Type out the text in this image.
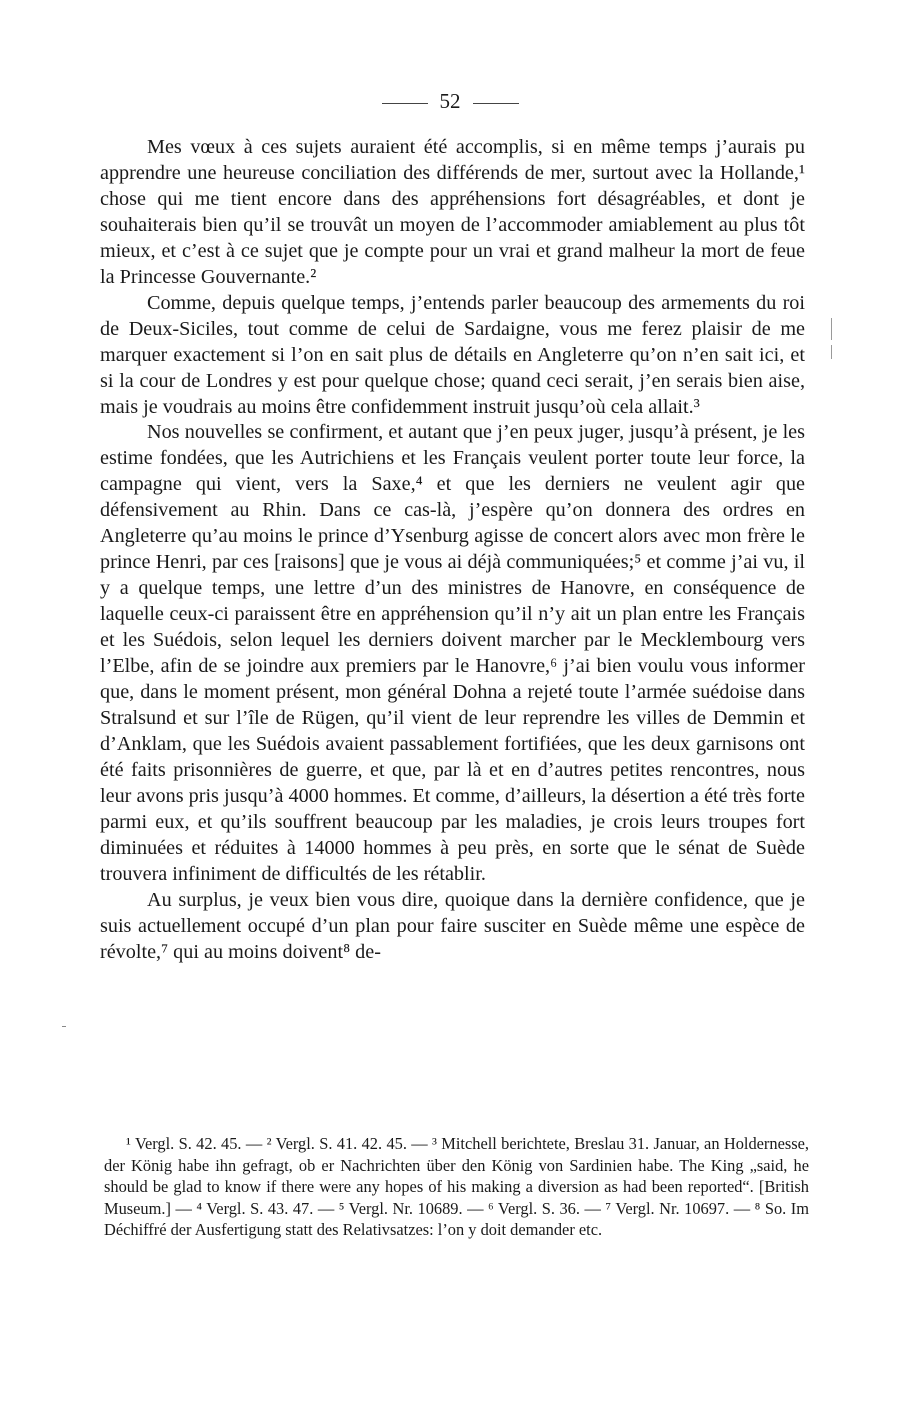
52

Mes vœux à ces sujets auraient été accomplis, si en même temps j’aurais pu apprendre une heureuse conciliation des différends de mer, surtout avec la Hollande,¹ chose qui me tient encore dans des appréhensions fort désagréables, et dont je souhaiterais bien qu’il se trouvât un moyen de l’accommoder amiablement au plus tôt mieux, et c’est à ce sujet que je compte pour un vrai et grand malheur la mort de feue la Princesse Gouvernante.²

Comme, depuis quelque temps, j’entends parler beaucoup des armements du roi de Deux-Siciles, tout comme de celui de Sardaigne, vous me ferez plaisir de me marquer exactement si l’on en sait plus de détails en Angleterre qu’on n’en sait ici, et si la cour de Londres y est pour quelque chose; quand ceci serait, j’en serais bien aise, mais je voudrais au moins être confidemment instruit jusqu’où cela allait.³

Nos nouvelles se confirment, et autant que j’en peux juger, jusqu’à présent, je les estime fondées, que les Autrichiens et les Français veulent porter toute leur force, la campagne qui vient, vers la Saxe,⁴ et que les derniers ne veulent agir que défensivement au Rhin. Dans ce cas-là, j’espère qu’on donnera des ordres en Angleterre qu’au moins le prince d’Ysenburg agisse de concert alors avec mon frère le prince Henri, par ces [raisons] que je vous ai déjà communiquées;⁵ et comme j’ai vu, il y a quelque temps, une lettre d’un des ministres de Hanovre, en conséquence de laquelle ceux-ci paraissent être en appréhension qu’il n’y ait un plan entre les Français et les Suédois, selon lequel les derniers doivent marcher par le Mecklembourg vers l’Elbe, afin de se joindre aux premiers par le Hanovre,⁶ j’ai bien voulu vous informer que, dans le moment présent, mon général Dohna a rejeté toute l’armée suédoise dans Stralsund et sur l’île de Rügen, qu’il vient de leur reprendre les villes de Demmin et d’Anklam, que les Suédois avaient passablement fortifiées, que les deux garnisons ont été faits prisonnières de guerre, et que, par là et en d’autres petites rencontres, nous leur avons pris jusqu’à 4000 hommes. Et comme, d’ailleurs, la désertion a été très forte parmi eux, et qu’ils souffrent beaucoup par les maladies, je crois leurs troupes fort diminuées et réduites à 14000 hommes à peu près, en sorte que le sénat de Suède trouvera infiniment de difficultés de les rétablir.

Au surplus, je veux bien vous dire, quoique dans la dernière confidence, que je suis actuellement occupé d’un plan pour faire susciter en Suède même une espèce de révolte,⁷ qui au moins doivent⁸ de-

¹ Vergl. S. 42. 45. — ² Vergl. S. 41. 42. 45. — ³ Mitchell berichtete, Breslau 31. Januar, an Holdernesse, der König habe ihn gefragt, ob er Nachrichten über den König von Sardinien habe. The King „said, he should be glad to know if there were any hopes of his making a diversion as had been reported“. [British Museum.] — ⁴ Vergl. S. 43. 47. — ⁵ Vergl. Nr. 10689. — ⁶ Vergl. S. 36. — ⁷ Vergl. Nr. 10697. — ⁸ So. Im Déchiffré der Ausfertigung statt des Relativsatzes: l’on y doit demander etc.
